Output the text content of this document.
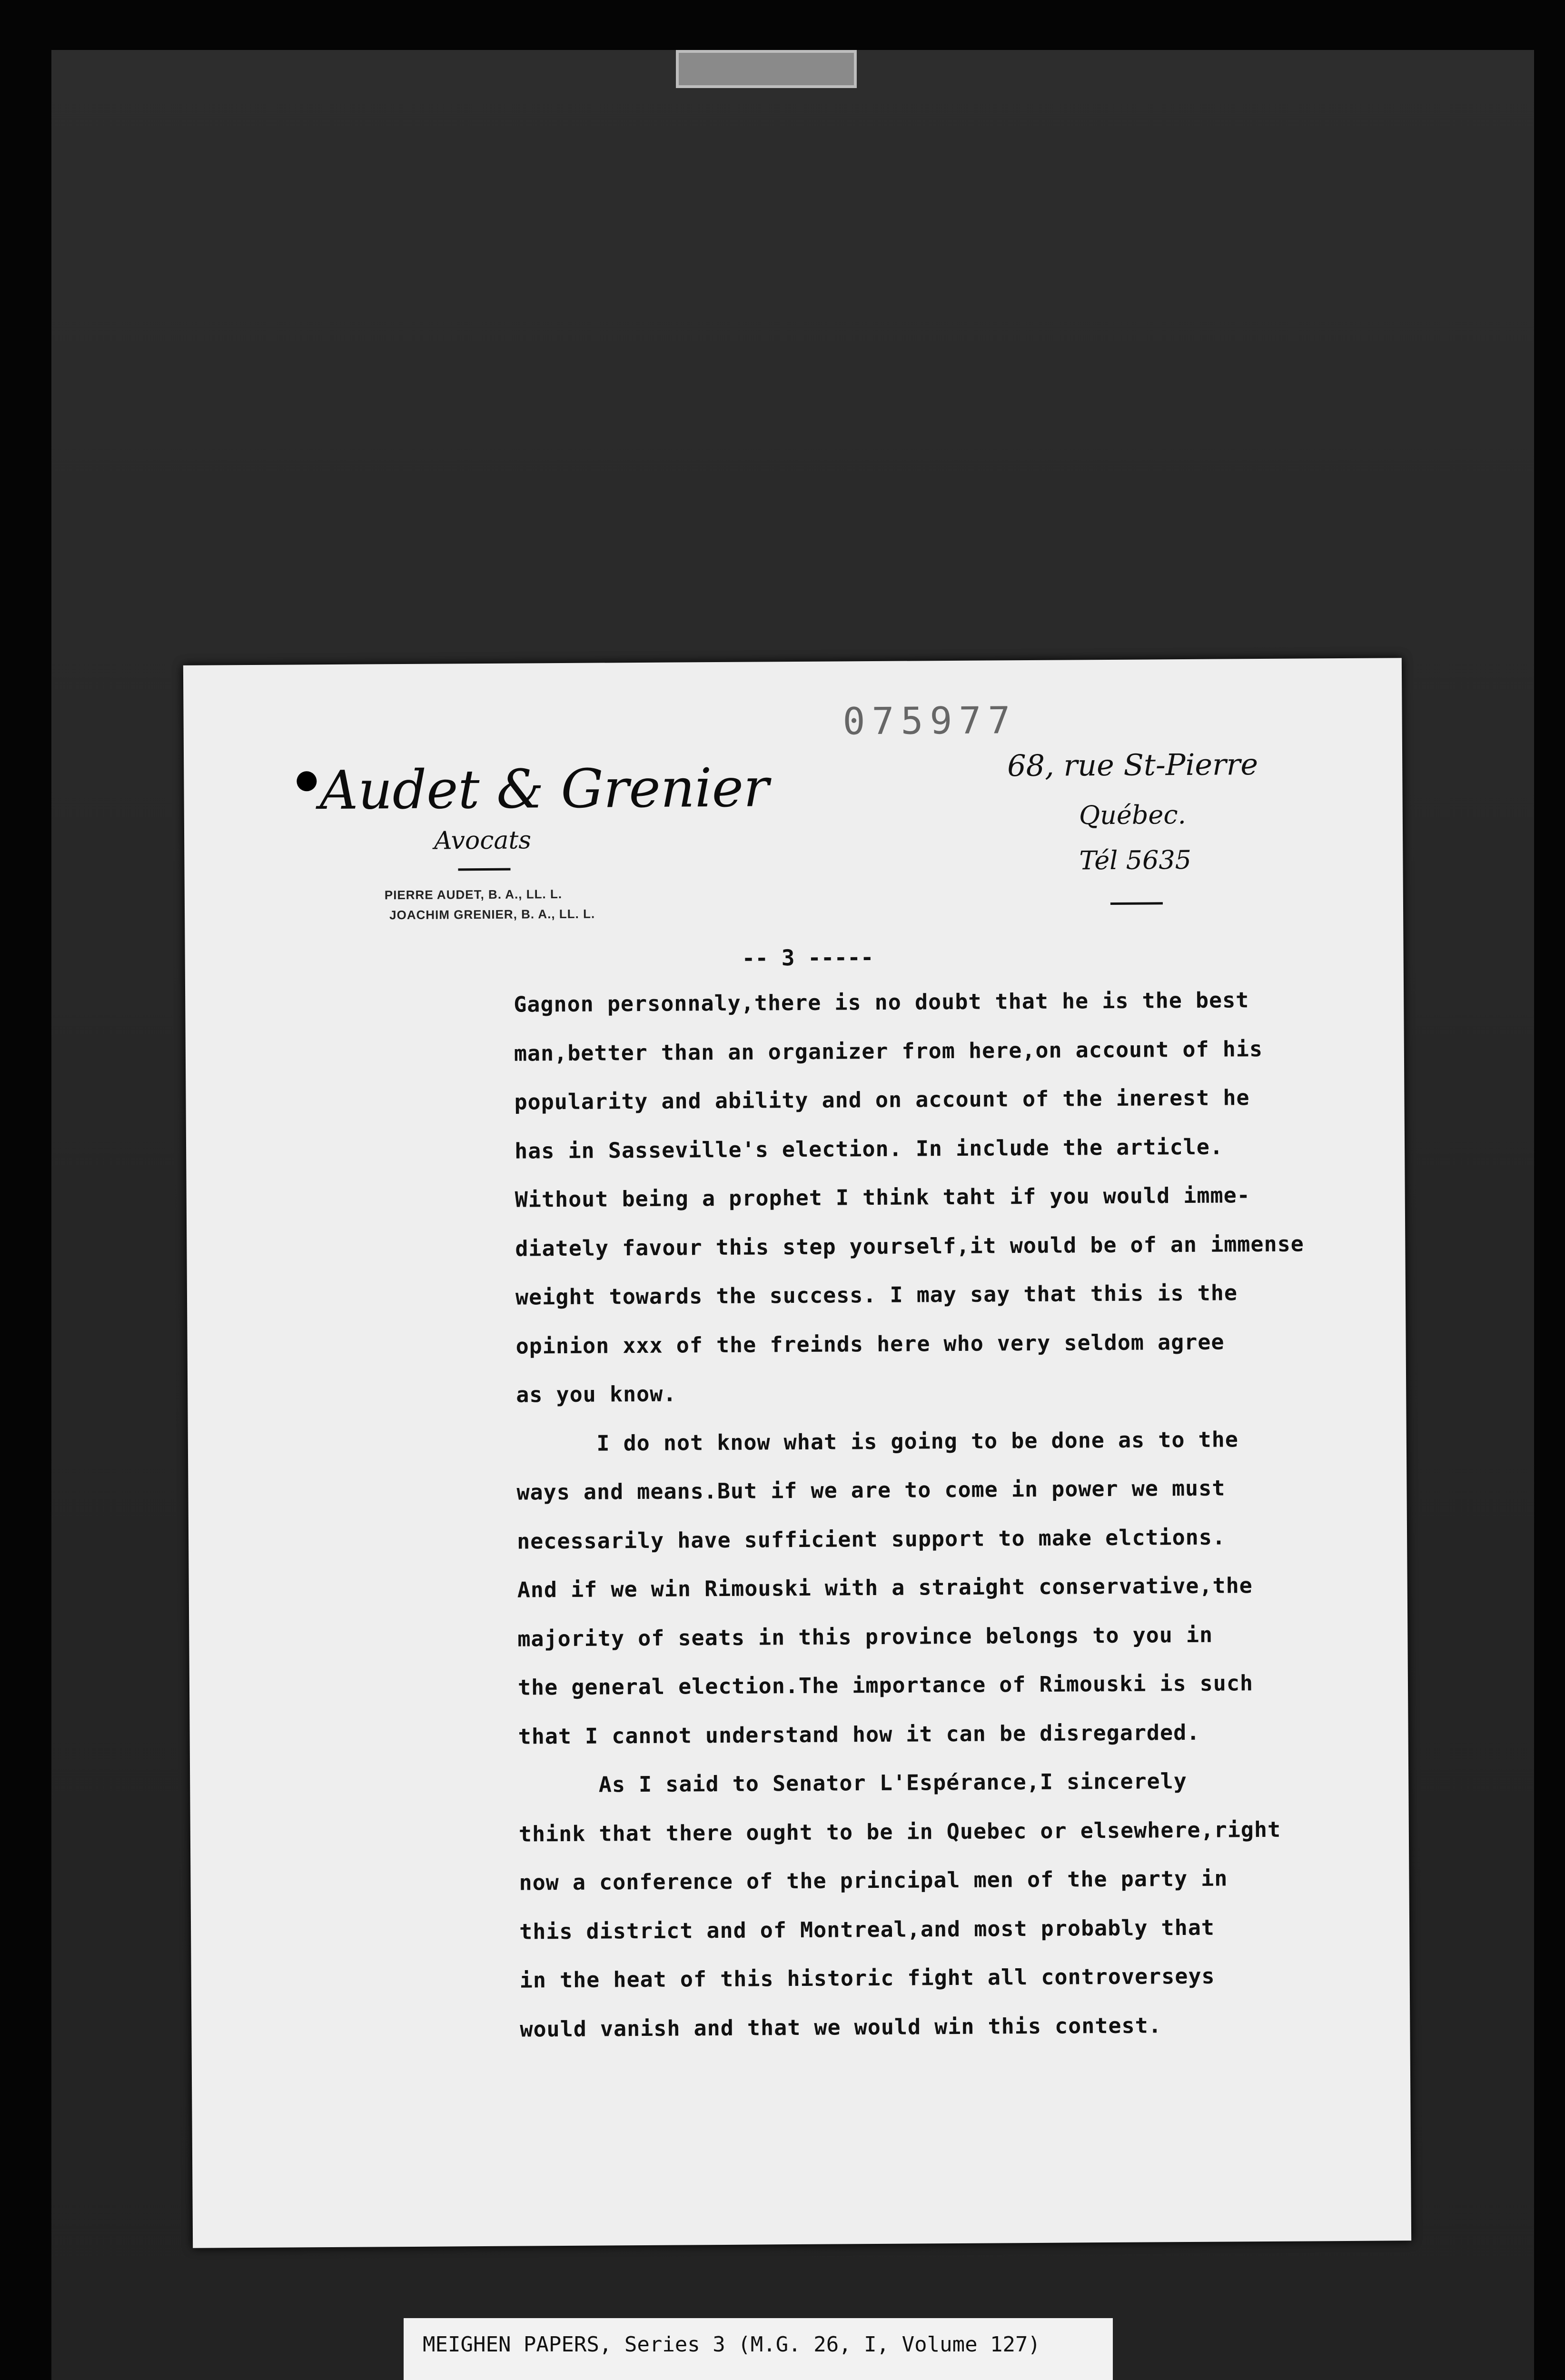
075977
Audet & Grenier
Avocats
PIERRE AUDET, B. A., LL. L.
JOACHIM GRENIER, B. A., LL. L.
68, rue St-Pierre
Québec.
Tél 5635
-- 3 -----
Gagnon personnaly,there is no doubt that he is the best
man,better than an organizer from here,on account of his
popularity and ability and on account of the inerest he
has in Sasseville's election. In include the article.
Without being a prophet I think taht if you would imme-
diately favour this step yourself,it would be of an immense
weight towards the success. I may say that this is the
opinion xxx of the freinds here who very seldom agree
as you know.
I do not know what is going to be done as to the
ways and means.But if we are to come in power we must
necessarily have sufficient support to make elctions.
And if we win Rimouski with a straight conservative,the
majority of seats in this province belongs to you in
the general election.The importance of Rimouski is such
that I cannot understand how it can be disregarded.
As I said to Senator L'Espérance,I sincerely
think that there ought to be in Quebec or elsewhere,right
now a conference of the principal men of the party in
this district and of Montreal,and most probably that
in the heat of this historic fight all controverseys
would vanish and that we would win this contest.
MEIGHEN PAPERS, Series 3 (M.G. 26, I, Volume 127)
